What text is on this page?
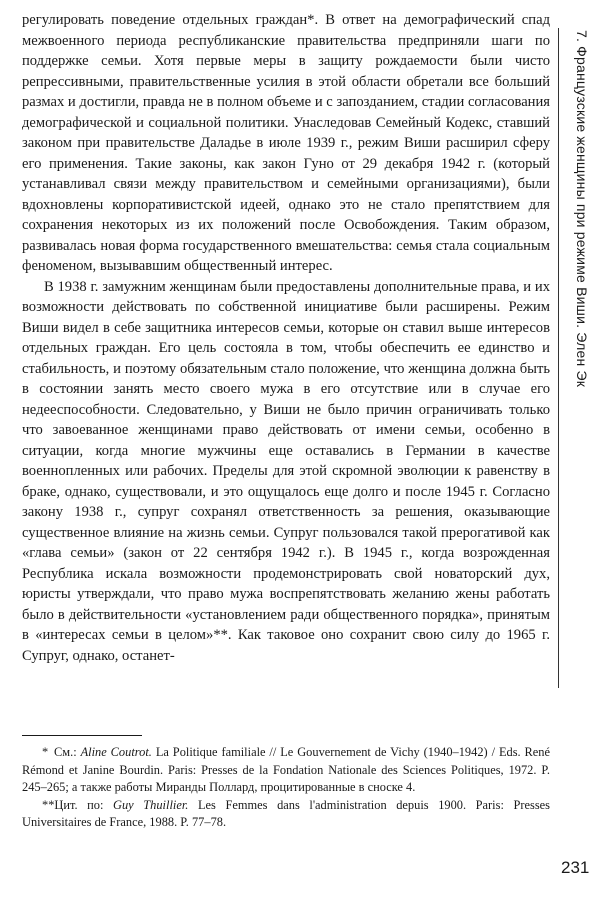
регулировать поведение отдельных граждан*. В ответ на демографический спад межвоенного периода республиканские правительства предприняли шаги по поддержке семьи. Хотя первые меры в защиту рождаемости были чисто репрессивными, правительственные усилия в этой области обретали все больший размах и достигли, правда не в полном объеме и с запозданием, стадии согласования демографической и социальной политики. Унаследовав Семейный Кодекс, ставший законом при правительстве Даладье в июле 1939 г., режим Виши расширил сферу его применения. Такие законы, как закон Гуно от 29 декабря 1942 г. (который устанавливал связи между правительством и семейными организациями), были вдохновлены корпоративистской идеей, однако это не стало препятствием для сохранения некоторых из их положений после Освобождения. Таким образом, развивалась новая форма государственного вмешательства: семья стала социальным феноменом, вызывавшим общественный интерес.

В 1938 г. замужним женщинам были предоставлены дополнительные права, и их возможности действовать по собственной инициативе были расширены. Режим Виши видел в себе защитника интересов семьи, которые он ставил выше интересов отдельных граждан. Его цель состояла в том, чтобы обеспечить ее единство и стабильность, и поэтому обязательным стало положение, что женщина должна быть в состоянии занять место своего мужа в его отсутствие или в случае его недееспособности. Следовательно, у Виши не было причин ограничивать только что завоеванное женщинами право действовать от имени семьи, особенно в ситуации, когда многие мужчины еще оставались в Германии в качестве военнопленных или рабочих. Пределы для этой скромной эволюции к равенству в браке, однако, существовали, и это ощущалось еще долго и после 1945 г. Согласно закону 1938 г., супруг сохранял ответственность за решения, оказывающие существенное влияние на жизнь семьи. Супруг пользовался такой прерогативой как «глава семьи» (закон от 22 сентября 1942 г.). В 1945 г., когда возрожденная Республика искала возможности продемонстрировать свой новаторский дух, юристы утверждали, что право мужа воспрепятствовать желанию жены работать было в действительности «установлением ради общественного порядка», принятым в «интересах семьи в целом»**. Как таковое оно сохранит свою силу до 1965 г. Супруг, однако, останет-

* См.: Aline Coutrot. La Politique familiale // Le Gouvernement de Vichy (1940–1942) / Eds. René Rémond et Janine Bourdin. Paris: Presses de la Fondation Nationale des Sciences Politiques, 1972. P. 245–265; а также работы Миранды Поллард, процитированные в сноске 4.

**Цит. по: Guy Thuillier. Les Femmes dans l'administration depuis 1900. Paris: Presses Universitaires de France, 1988. P. 77–78.

7. Французские женщины при режиме Виши. Элен Эк
231
